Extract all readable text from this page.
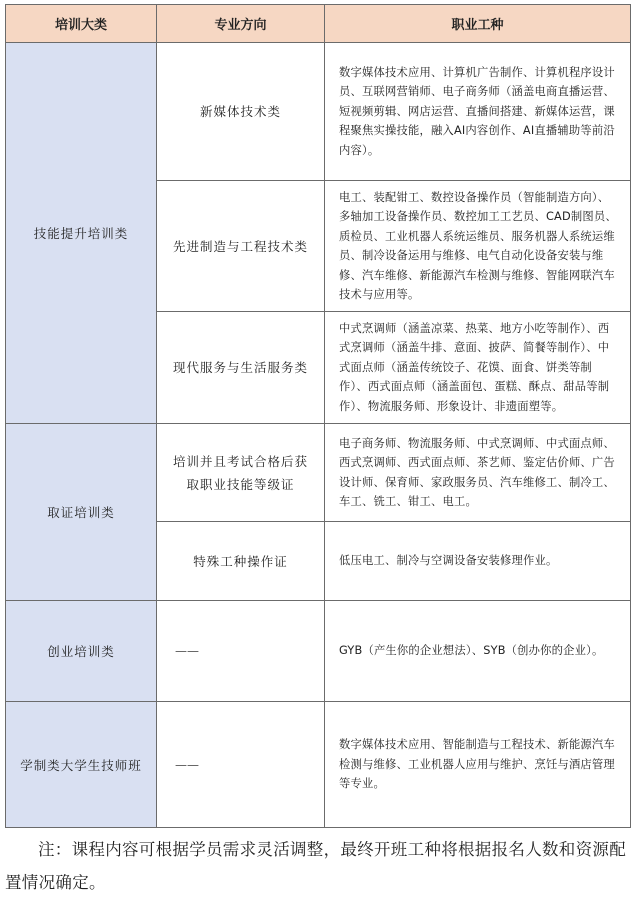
培训大类	专业方向	职业工种
技能提升培训类
取证培训类
创业培训类
学制类大学生技师班
新媒体技术类
先进制造与工程技术类
现代服务与生活服务类
培训并且考试合格后获取职业技能等级证
特殊工种操作证
——
——
数字媒体技术应用、计算机广告制作、计算机程序设计员、互联网营销师、电子商务师（涵盖电商直播运营、短视频剪辑、网店运营、直播间搭建、新媒体运营，课程聚焦实操技能，融入AI内容创作、AI直播辅助等前沿内容）。
电工、装配钳工、数控设备操作员（智能制造方向）、多轴加工设备操作员、数控加工工艺员、CAD制图员、质检员、工业机器人系统运维员、服务机器人系统运维员、制冷设备运用与维修、电气自动化设备安装与维修、汽车维修、新能源汽车检测与维修、智能网联汽车技术与应用等。
中式烹调师（涵盖凉菜、热菜、地方小吃等制作）、西式烹调师（涵盖牛排、意面、披萨、简餐等制作）、中式面点师（涵盖传统饺子、花馍、面食、饼类等制作）、西式面点师（涵盖面包、蛋糕、酥点、甜品等制作）、物流服务师、形象设计、非遗面塑等。
电子商务师、物流服务师、中式烹调师、中式面点师、西式烹调师、西式面点师、茶艺师、鉴定估价师、广告设计师、保育师、家政服务员、汽车维修工、制冷工、车工、铣工、钳工、电工。
低压电工、制冷与空调设备安装修理作业。
GYB（产生你的企业想法）、SYB（创办你的企业）。
数字媒体技术应用、智能制造与工程技术、新能源汽车检测与维修、工业机器人应用与维护、烹饪与酒店管理等专业。
注：课程内容可根据学员需求灵活调整，最终开班工种将根据报名人数和资源配置情况确定。
